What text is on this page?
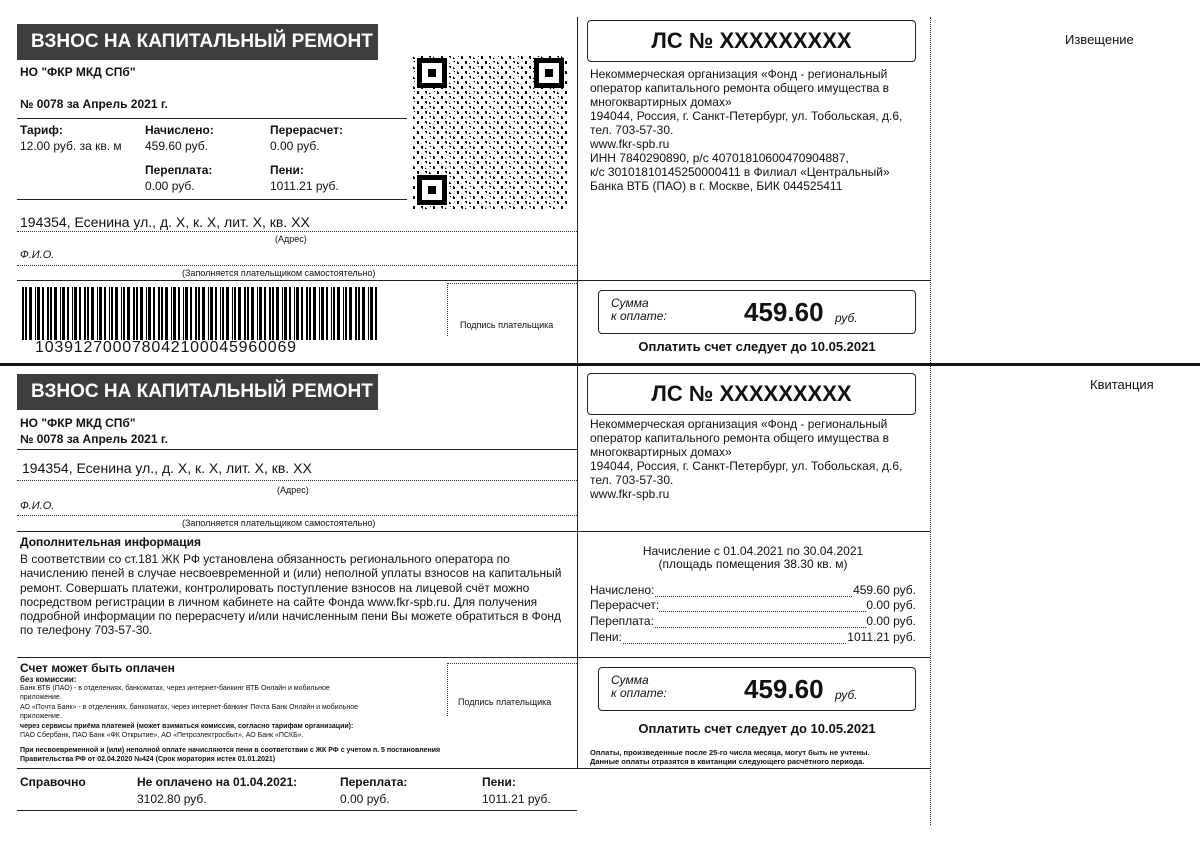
ВЗНОС НА КАПИТАЛЬНЫЙ РЕМОНТ
НО "ФКР МКД СПб"
№ 0078 за Апрель 2021 г.
Тариф:
12.00 руб. за кв. м
Начислено:
459.60 руб.
Перерасчет:
0.00 руб.
Переплата:
0.00 руб.
Пени:
1011.21 руб.
194354, Есенина ул., д. X, к. X, лит. X, кв. XX
(Адрес)
Ф.И.О.
(Заполняется плательщиком самостоятельно)
103912700078042100045960069
Подпись плательщика
ЛС № XXXXXXXXX
Некоммерческая организация «Фонд - региональный оператор капитального ремонта общего имущества в многоквартирных домах»
194044, Россия, г. Санкт-Петербург, ул. Тобольская, д.6, тел. 703-57-30.
www.fkr-spb.ru
ИНН 7840290890, р/с 40701810600470904887,
к/с 30101810145250000411 в Филиал «Центральный»
Банка ВТБ (ПАО) в г. Москве, БИК 044525411
Сумма
к оплате:	459.60 руб.
Оплатить счет следует до 10.05.2021
Извещение
ВЗНОС НА КАПИТАЛЬНЫЙ РЕМОНТ
НО "ФКР МКД СПб"
№ 0078 за Апрель 2021 г.
194354, Есенина ул., д. X, к. X, лит. X, кв. XX
(Адрес)
Ф.И.О.
(Заполняется плательщиком самостоятельно)
ЛС № XXXXXXXXX
Некоммерческая организация «Фонд - региональный оператор капитального ремонта общего имущества в многоквартирных домах»
194044, Россия, г. Санкт-Петербург, ул. Тобольская, д.6, тел. 703-57-30.
www.fkr-spb.ru
Квитанция
Дополнительная информация
В соответствии со ст.181 ЖК РФ установлена обязанность регионального оператора по начислению пеней в случае несвоевременной и (или) неполной уплаты взносов на капитальный ремонт. Совершать платежи, контролировать поступление взносов на лицевой счёт можно посредством регистрации в личном кабинете на сайте Фонда www.fkr-spb.ru. Для получения подробной информации по перерасчету и/или начисленным пени Вы можете обратиться в Фонд по телефону 703-57-30.
Начисление с 01.04.2021 по 30.04.2021
(площадь помещения 38.30 кв. м)
Начислено:	459.60 руб.
Перерасчет:	0.00 руб.
Переплата:	0.00 руб.
Пени:	1011.21 руб.
Счет может быть оплачен
без комиссии:
Банк ВТБ (ПАО) - в отделениях, банкоматах, через интернет-банкинг ВТБ Онлайн и мобильное приложение.
АО «Почта Банк» - в отделениях, банкоматах, через интернет-банкинг Почта Банк Онлайн и мобильное приложение.
через сервисы приёма платежей (может взиматься комиссия, согласно тарифам организации):
ПАО Сбербанк, ПАО Банк «ФК Открытие», АО «Петроэлектросбыт», АО Банк «ПСКБ».
При несвоевременной и (или) неполной оплате начисляются пени в соответствии с ЖК РФ с учетом п. 5 постановления Правительства РФ от 02.04.2020 №424 (Срок моратория истек 01.01.2021)
Подпись плательщика
Сумма
к оплате:	459.60 руб.
Оплатить счет следует до 10.05.2021
Оплаты, произведенные после 25-го числа месяца, могут быть не учтены.
Данные оплаты отразятся в квитанции следующего расчётного периода.
Справочно	Не оплачено на 01.04.2021:
3102.80 руб.
Переплата:
0.00 руб.
Пени:
1011.21 руб.
